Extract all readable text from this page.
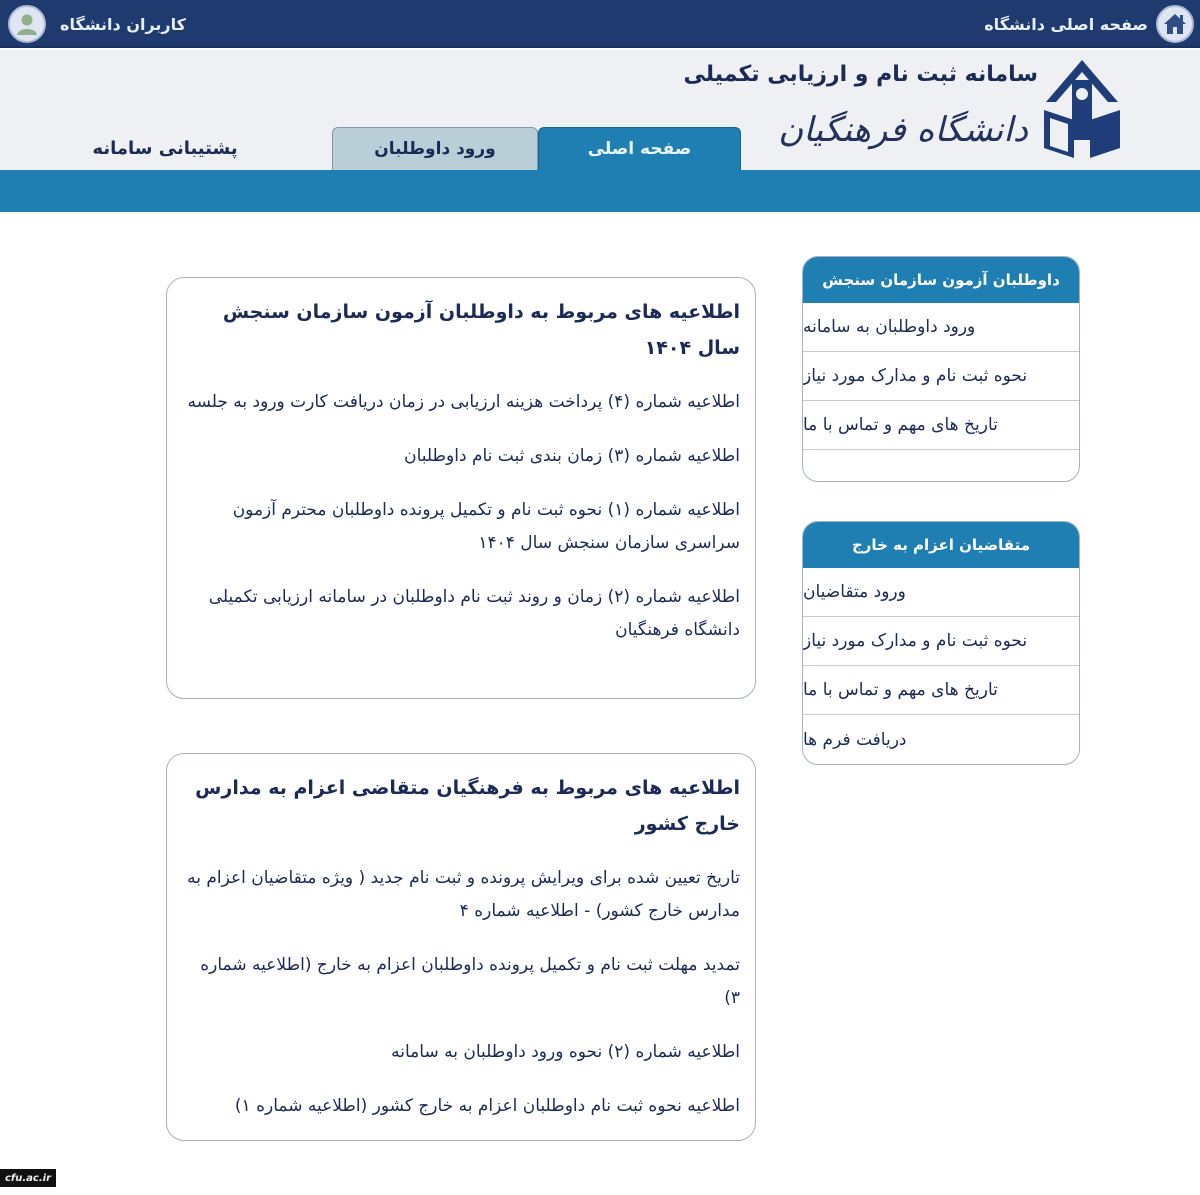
صفحه اصلی دانشگاه
کاربران دانشگاه
سامانه ثبت نام و ارزیابی تکمیلی
دانشگاه فرهنگیان
صفحه اصلی
ورود داوطلبان
پشتیبانی سامانه
داوطلبان آزمون سازمان سنجش
ورود داوطلبان به سامانه
نحوه ثبت نام و مدارک مورد نیاز
تاریخ های مهم و تماس با ما
متقاضیان اعزام به خارج
ورود متقاضیان
نحوه ثبت نام و مدارک مورد نیاز
تاریخ های مهم و تماس با ما
دریافت فرم ها
اطلاعیه های مربوط به داوطلبان آزمون سازمان سنجش سال ۱۴۰۴
اطلاعیه شماره (۴) پرداخت هزینه ارزیابی در زمان دریافت کارت ورود به جلسه
اطلاعیه شماره (۳) زمان بندی ثبت نام داوطلبان
اطلاعیه شماره (۱) نحوه ثبت نام و تکمیل پرونده داوطلبان محترم آزمون سراسری سازمان سنجش سال ۱۴۰۴
اطلاعیه شماره (۲) زمان و روند ثبت نام داوطلبان در سامانه ارزیابی تکمیلی دانشگاه فرهنگیان
اطلاعیه های مربوط به فرهنگیان متقاضی اعزام به مدارس خارج کشور
تاریخ تعیین شده برای ویرایش پرونده و ثبت نام جدید ( ویژه متقاضیان اعزام به مدارس خارج کشور) - اطلاعیه شماره ۴
تمدید مهلت ثبت نام و تکمیل پرونده داوطلبان اعزام به خارج (اطلاعیه شماره ۳)
اطلاعیه شماره (۲) نحوه ورود داوطلبان به سامانه
اطلاعیه نحوه ثبت نام داوطلبان اعزام به خارج کشور (اطلاعیه شماره ۱)
cfu.ac.ir
